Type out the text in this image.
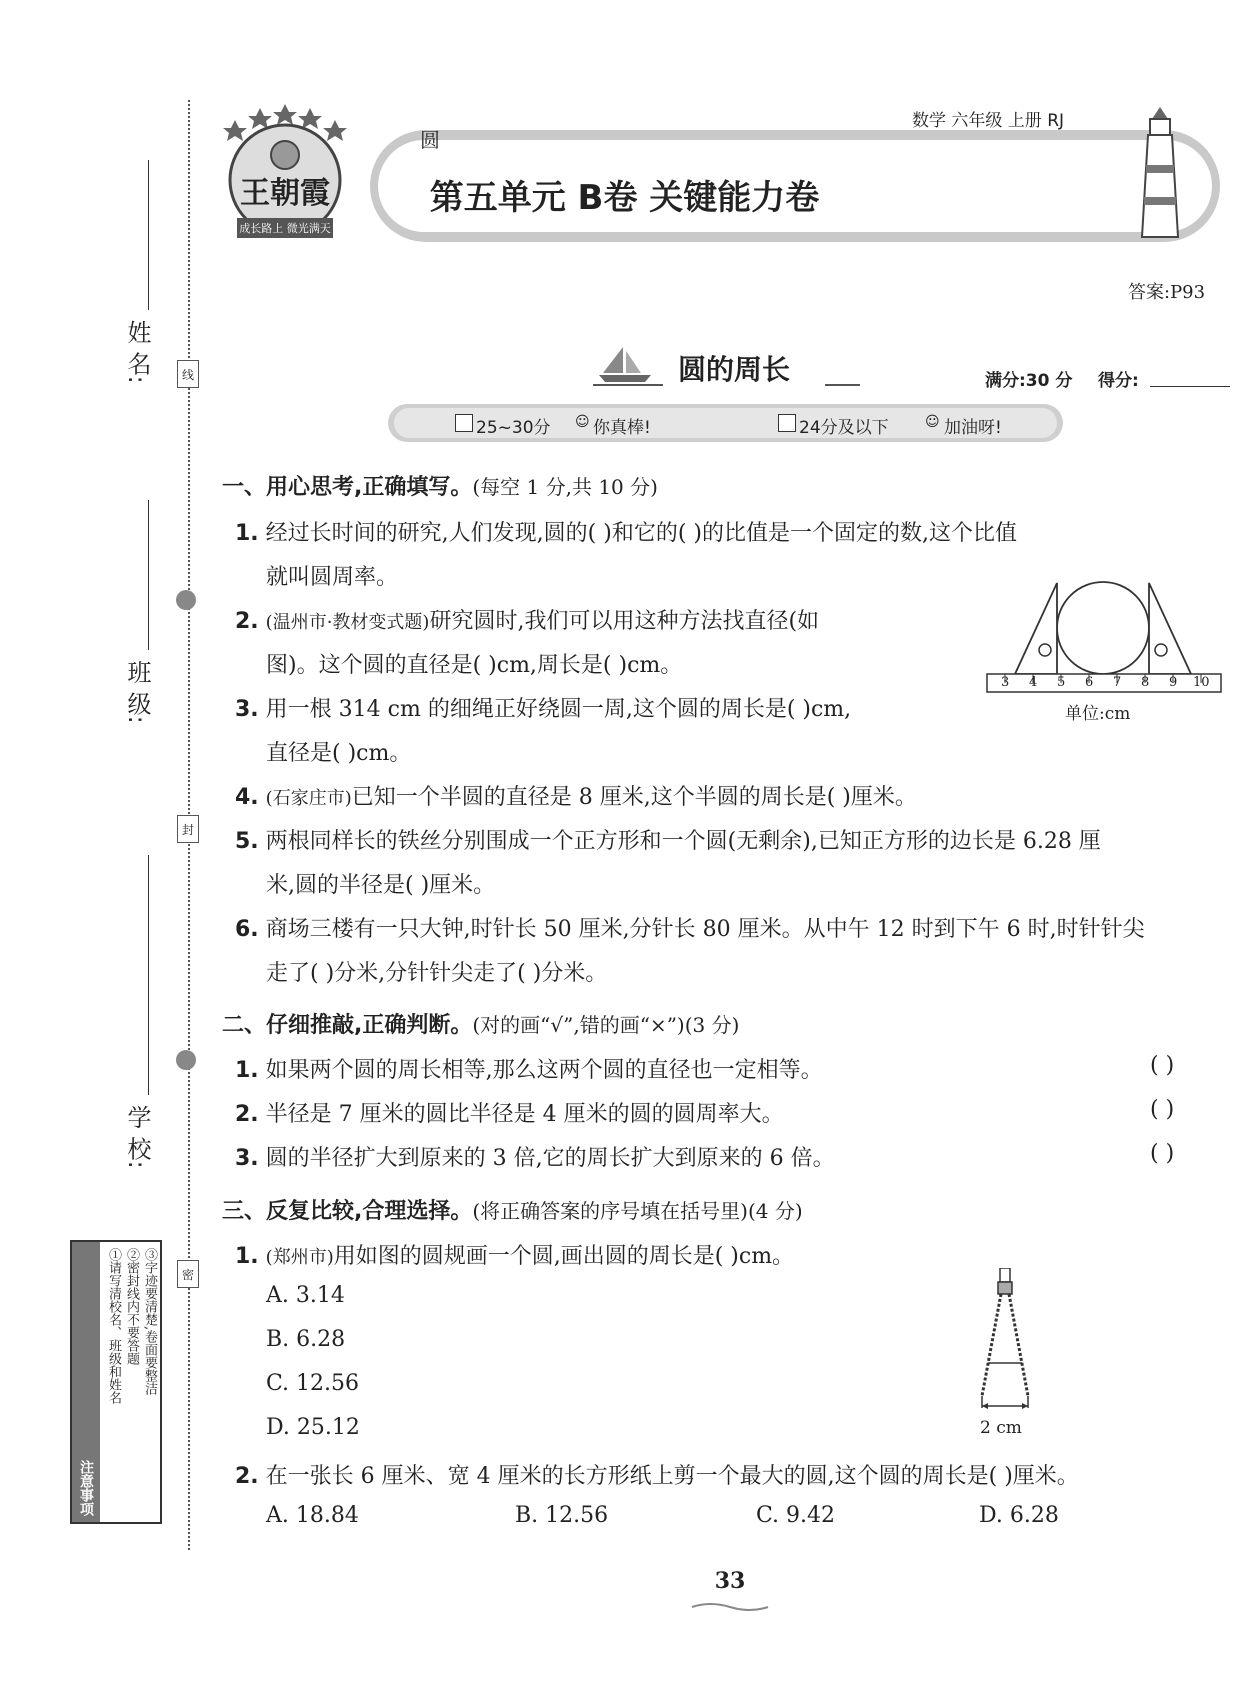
姓 名:
班 级:
学 校:
线
封
密
注意事项
①请写清校名、班级和姓名 ②密封线内不要答题 ③字迹要清楚,卷面要整洁
王朝霞
成长路上 微光满天
数学 六年级 上册 RJ
圆
第五单元 B卷 关键能力卷
答案:P93
圆的周长	满分:30 分 得分:
25~30分 ☺ 你真棒!	24分及以下	☺ 加油呀!
一、用心思考,正确填写。(每空 1 分,共 10 分)
1. 经过长时间的研究,人们发现,圆的( )和它的( )的比值是一个固定的数,这个比值
就叫圆周率。
2. (温州市·教材变式题)研究圆时,我们可以用这种方法找直径(如
图)。这个圆的直径是( )cm,周长是( )cm。
3 4 5 6 7 8 9 10
单位:cm
3. 用一根 314 cm 的细绳正好绕圆一周,这个圆的周长是( )cm,
直径是( )cm。
4. (石家庄市)已知一个半圆的直径是 8 厘米,这个半圆的周长是( )厘米。
5. 两根同样长的铁丝分别围成一个正方形和一个圆(无剩余),已知正方形的边长是 6.28 厘
米,圆的半径是( )厘米。
6. 商场三楼有一只大钟,时针长 50 厘米,分针长 80 厘米。从中午 12 时到下午 6 时,时针针尖
走了( )分米,分针针尖走了( )分米。
二、仔细推敲,正确判断。(对的画“√”,错的画“×”)(3 分)
1. 如果两个圆的周长相等,那么这两个圆的直径也一定相等。	( )
2. 半径是 7 厘米的圆比半径是 4 厘米的圆的圆周率大。	( )
3. 圆的半径扩大到原来的 3 倍,它的周长扩大到原来的 6 倍。	( )
三、反复比较,合理选择。(将正确答案的序号填在括号里)(4 分)
1. (郑州市)用如图的圆规画一个圆,画出圆的周长是( )cm。
A. 3.14
B. 6.28
C. 12.56
D. 25.12	2 cm
2. 在一张长 6 厘米、宽 4 厘米的长方形纸上剪一个最大的圆,这个圆的周长是( )厘米。
A. 18.84	B. 12.56	C. 9.42	D. 6.28
33
